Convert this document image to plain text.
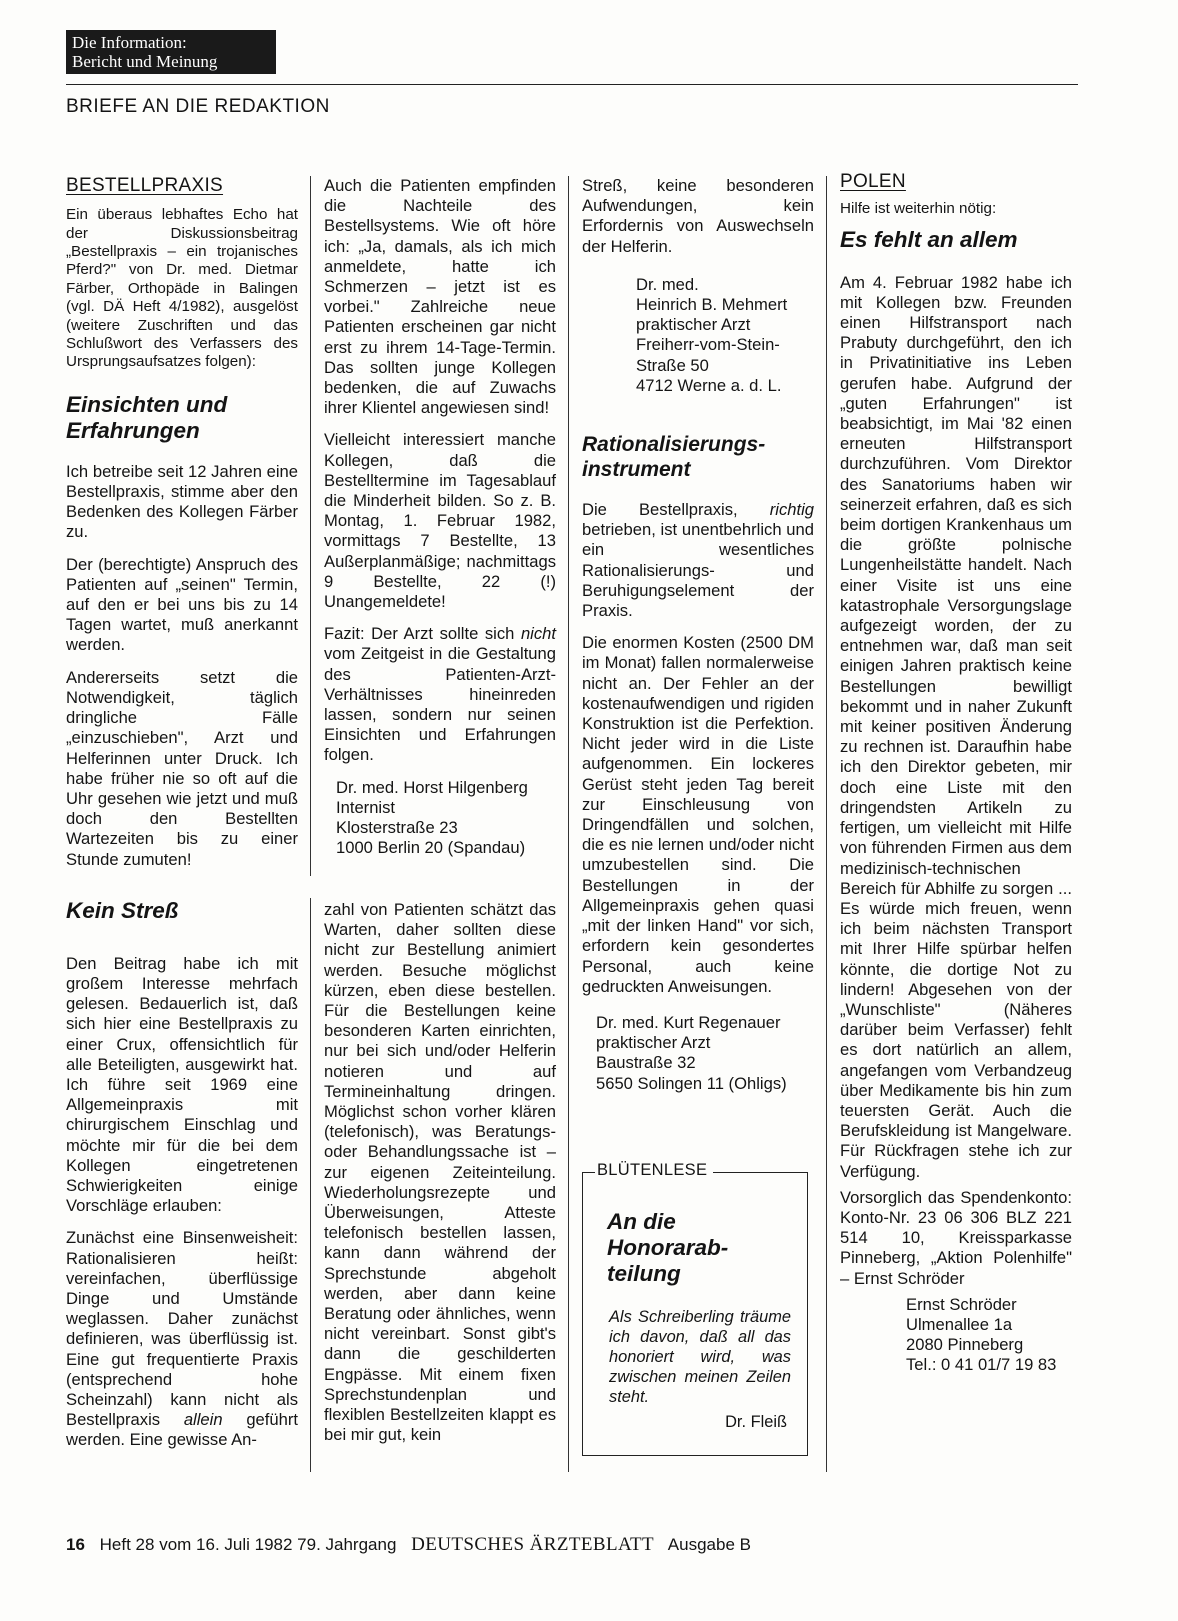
Die Information:
Bericht und Meinung
BRIEFE AN DIE REDAKTION
BESTELLPRAXIS
Ein überaus lebhaftes Echo hat der Diskussionsbeitrag „Bestellpraxis – ein trojanisches Pferd?" von Dr. med. Dietmar Färber, Orthopäde in Balingen (vgl. DÄ Heft 4/1982), ausgelöst (weitere Zuschriften und das Schlußwort des Verfassers des Ursprungsaufsatzes folgen):
Einsichten und Erfahrungen

Ich betreibe seit 12 Jahren eine Bestellpraxis, stimme aber den Bedenken des Kollegen Färber zu.

Der (berechtigte) Anspruch des Patienten auf „seinen" Termin, auf den er bei uns bis zu 14 Tagen wartet, muß anerkannt werden.

Andererseits setzt die Notwendigkeit, täglich dringliche Fälle „einzuschieben", Arzt und Helferinnen unter Druck. Ich habe früher nie so oft auf die Uhr gesehen wie jetzt und muß doch den Bestellten Wartezeiten bis zu einer Stunde zumuten!

Kein Streß

Den Beitrag habe ich mit großem Interesse mehrfach gelesen. Bedauerlich ist, daß sich hier eine Bestellpraxis zu einer Crux, offensichtlich für alle Beteiligten, ausgewirkt hat. Ich führe seit 1969 eine Allgemeinpraxis mit chirurgischem Einschlag und möchte mir für die bei dem Kollegen eingetretenen Schwierigkeiten einige Vorschläge erlauben:

Zunächst eine Binsenweisheit: Rationalisieren heißt: vereinfachen, überflüssige Dinge und Umstände weglassen. Daher zunächst definieren, was überflüssig ist. Eine gut frequentierte Praxis (entsprechend hohe Scheinzahl) kann nicht als Bestellpraxis allein geführt werden. Eine gewisse An-

Auch die Patienten empfinden die Nachteile des Bestellsystems. Wie oft höre ich: „Ja, damals, als ich mich anmeldete, hatte ich Schmerzen – jetzt ist es vorbei." Zahlreiche neue Patienten erscheinen gar nicht erst zu ihrem 14-Tage-Termin. Das sollten junge Kollegen bedenken, die auf Zuwachs ihrer Klientel angewiesen sind!

Vielleicht interessiert manche Kollegen, daß die Bestelltermine im Tagesablauf die Minderheit bilden. So z. B. Montag, 1. Februar 1982, vormittags 7 Bestellte, 13 Außerplanmäßige; nachmittags 9 Bestellte, 22 (!) Unangemeldete!

Fazit: Der Arzt sollte sich nicht vom Zeitgeist in die Gestaltung des Patienten-Arzt-Verhältnisses hineinreden lassen, sondern nur seinen Einsichten und Erfahrungen folgen.

Dr. med. Horst Hilgenberg
Internist
Klosterstraße 23
1000 Berlin 20 (Spandau)

zahl von Patienten schätzt das Warten, daher sollten diese nicht zur Bestellung animiert werden. Besuche möglichst kürzen, eben diese bestellen. Für die Bestellungen keine besonderen Karten einrichten, nur bei sich und/oder Helferin notieren und auf Termineinhaltung dringen. Möglichst schon vorher klären (telefonisch), was Beratungs- oder Behandlungssache ist – zur eigenen Zeiteinteilung. Wiederholungsrezepte und Überweisungen, Atteste telefonisch bestellen lassen, kann dann während der Sprechstunde abgeholt werden, aber dann keine Beratung oder ähnliches, wenn nicht vereinbart. Sonst gibt's dann die geschilderten Engpässe. Mit einem fixen Sprechstundenplan und flexiblen Bestellzeiten klappt es bei mir gut, kein

Streß, keine besonderen Aufwendungen, kein Erfordernis von Auswechseln der Helferin.

Dr. med.
Heinrich B. Mehmert
praktischer Arzt
Freiherr-vom-Stein-
Straße 50
4712 Werne a. d. L.
Rationalisierungs-instrument

Die Bestellpraxis, richtig betrieben, ist unentbehrlich und ein wesentliches Rationalisierungs- und Beruhigungselement der Praxis.

Die enormen Kosten (2500 DM im Monat) fallen normalerweise nicht an. Der Fehler an der kostenaufwendigen und rigiden Konstruktion ist die Perfektion. Nicht jeder wird in die Liste aufgenommen. Ein lockeres Gerüst steht jeden Tag bereit zur Einschleusung von Dringendfällen und solchen, die es nie lernen und/oder nicht umzubestellen sind. Die Bestellungen in der Allgemeinpraxis gehen quasi „mit der linken Hand" vor sich, erfordern kein gesondertes Personal, auch keine gedruckten Anweisungen.

Dr. med. Kurt Regenauer
praktischer Arzt
Baustraße 32
5650 Solingen 11 (Ohligs)
BLÜTENLESE
An die Honorarab-teilung
Als Schreiberling träume ich davon, daß all das honoriert wird, was zwischen meinen Zeilen steht.
Dr. Fleiß
POLEN
Hilfe ist weiterhin nötig:
Es fehlt an allem

Am 4. Februar 1982 habe ich mit Kollegen bzw. Freunden einen Hilfstransport nach Prabuty durchgeführt, den ich in Privatinitiative ins Leben gerufen habe. Aufgrund der „guten Erfahrungen" ist beabsichtigt, im Mai '82 einen erneuten Hilfstransport durchzuführen. Vom Direktor des Sanatoriums haben wir seinerzeit erfahren, daß es sich beim dortigen Krankenhaus um die größte polnische Lungenheilstätte handelt. Nach einer Visite ist uns eine katastrophale Versorgungslage aufgezeigt worden, der zu entnehmen war, daß man seit einigen Jahren praktisch keine Bestellungen bewilligt bekommt und in naher Zukunft mit keiner positiven Änderung zu rechnen ist. Daraufhin habe ich den Direktor gebeten, mir doch eine Liste mit den dringendsten Artikeln zu fertigen, um vielleicht mit Hilfe von führenden Firmen aus dem medizinisch-technischen Bereich für Abhilfe zu sorgen ... Es würde mich freuen, wenn ich beim nächsten Transport mit Ihrer Hilfe spürbar helfen könnte, die dortige Not zu lindern! Abgesehen von der „Wunschliste" (Näheres darüber beim Verfasser) fehlt es dort natürlich an allem, angefangen vom Verbandzeug über Medikamente bis hin zum teuersten Gerät. Auch die Berufskleidung ist Mangelware. Für Rückfragen stehe ich zur Verfügung.

Vorsorglich das Spendenkonto: Konto-Nr. 23 06 306 BLZ 221 514 10, Kreissparkasse Pinneberg, „Aktion Polenhilfe" – Ernst Schröder

Ernst Schröder
Ulmenallee 1a
2080 Pinneberg
Tel.: 0 41 01/7 19 83
16 Heft 28 vom 16. Juli 1982 79. Jahrgang DEUTSCHES ÄRZTEBLATT Ausgabe B
